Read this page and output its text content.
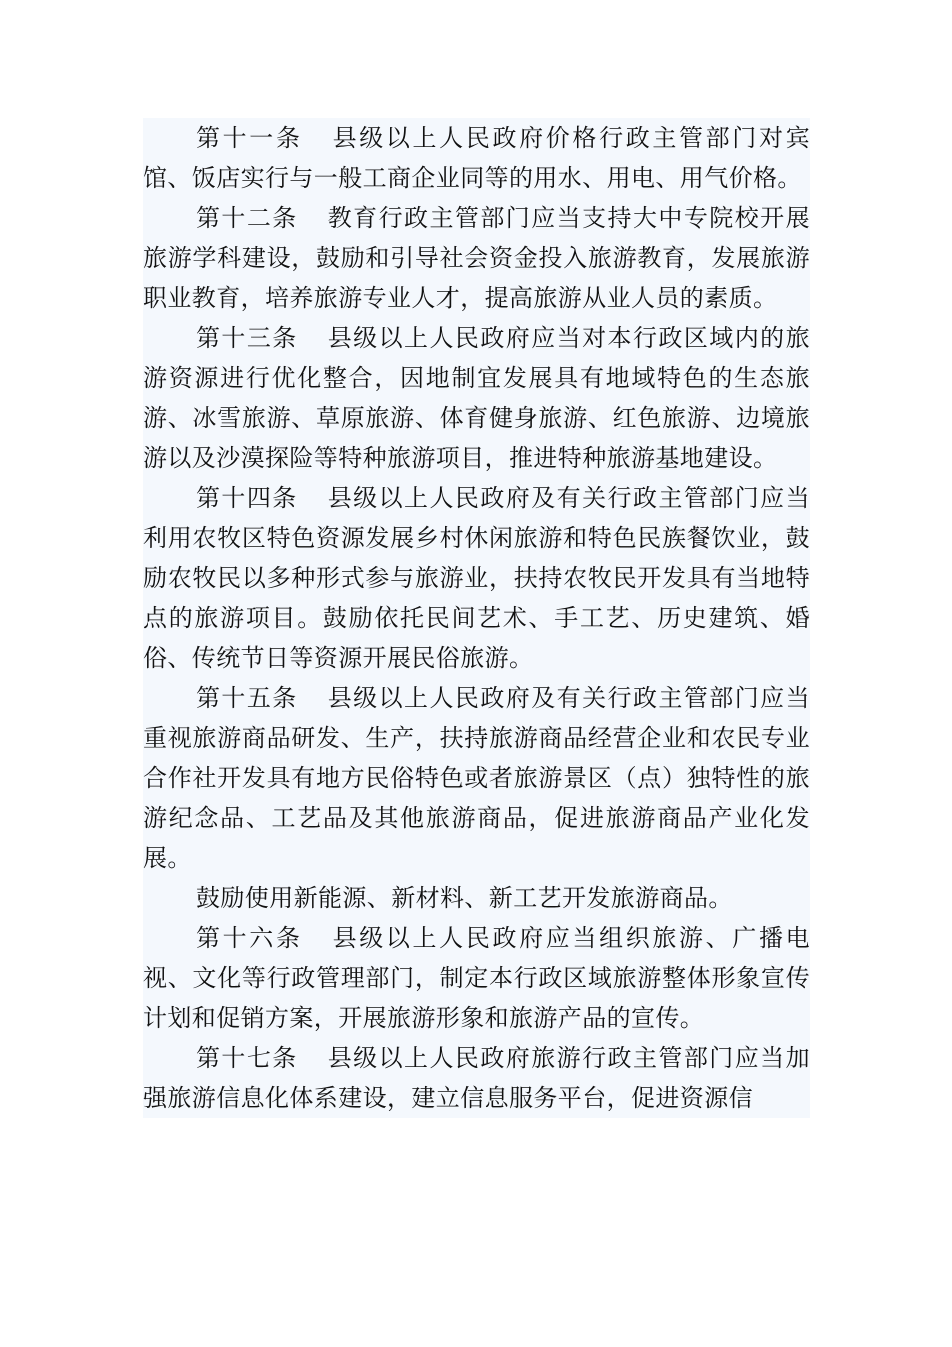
第十一条 县级以上人民政府价格行政主管部门对宾馆、饭店实行与一般工商企业同等的用水、用电、用气价格。

第十二条 教育行政主管部门应当支持大中专院校开展旅游学科建设，鼓励和引导社会资金投入旅游教育，发展旅游职业教育，培养旅游专业人才，提高旅游从业人员的素质。

第十三条 县级以上人民政府应当对本行政区域内的旅游资源进行优化整合，因地制宜发展具有地域特色的生态旅游、冰雪旅游、草原旅游、体育健身旅游、红色旅游、边境旅游以及沙漠探险等特种旅游项目，推进特种旅游基地建设。

第十四条 县级以上人民政府及有关行政主管部门应当利用农牧区特色资源发展乡村休闲旅游和特色民族餐饮业，鼓励农牧民以多种形式参与旅游业，扶持农牧民开发具有当地特点的旅游项目。鼓励依托民间艺术、手工艺、历史建筑、婚俗、传统节日等资源开展民俗旅游。

第十五条 县级以上人民政府及有关行政主管部门应当重视旅游商品研发、生产，扶持旅游商品经营企业和农民专业合作社开发具有地方民俗特色或者旅游景区（点）独特性的旅游纪念品、工艺品及其他旅游商品，促进旅游商品产业化发展。

鼓励使用新能源、新材料、新工艺开发旅游商品。

第十六条 县级以上人民政府应当组织旅游、广播电视、文化等行政管理部门，制定本行政区域旅游整体形象宣传计划和促销方案，开展旅游形象和旅游产品的宣传。

第十七条 县级以上人民政府旅游行政主管部门应当加强旅游信息化体系建设，建立信息服务平台，促进资源信
